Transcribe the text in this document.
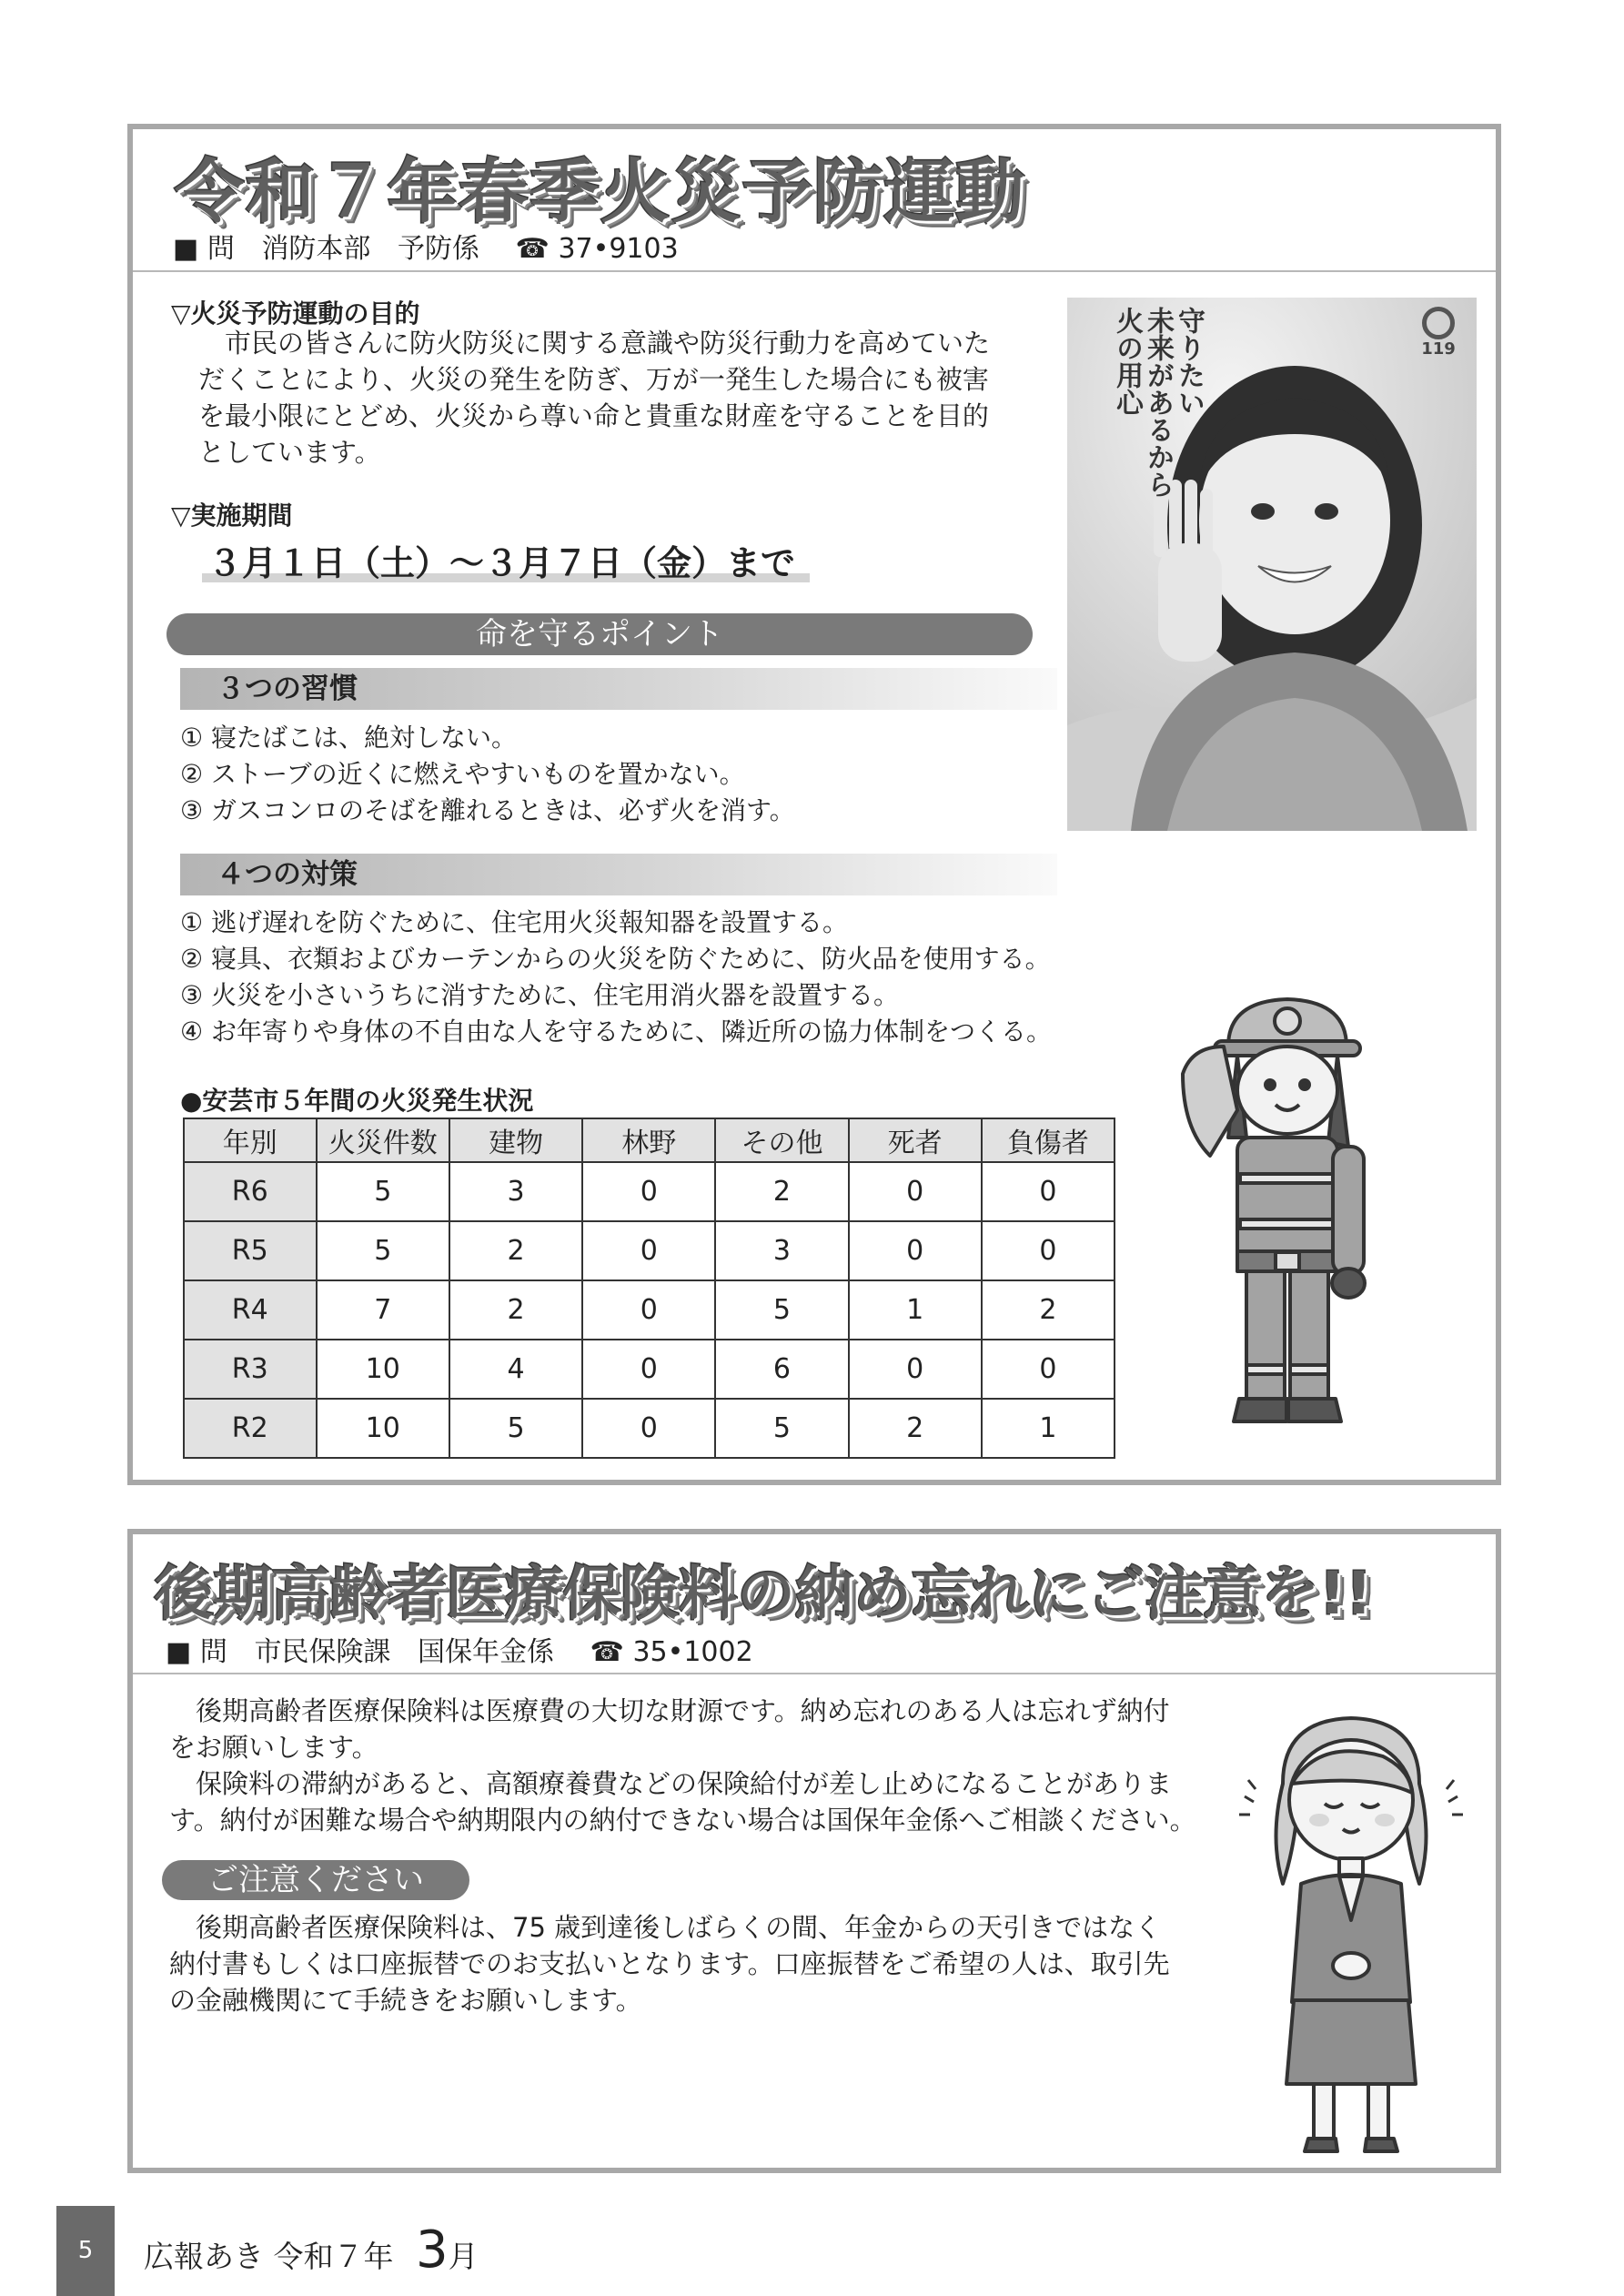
令和７年春季火災予防運動
■ 問 消防本部 予防係 ☎ 37•9103
▽火災予防運動の目的
　市民の皆さんに防火防災に関する意識や防災行動力を高めていた
だくことにより、火災の発生を防ぎ、万が一発生した場合にも被害
を最小限にとどめ、火災から尊い命と貴重な財産を守ることを目的
としています。
▽実施期間
３月１日（土）～３月７日（金）まで
命を守るポイント
３つの習慣
① 寝たばこは、絶対しない。
② ストーブの近くに燃えやすいものを置かない。
③ ガスコンロのそばを離れるときは、必ず火を消す。
４つの対策
① 逃げ遅れを防ぐために、住宅用火災報知器を設置する。
② 寝具、衣類およびカーテンからの火災を防ぐために、防火品を使用する。
③ 火災を小さいうちに消すために、住宅用消火器を設置する。
④ お年寄りや身体の不自由な人を守るために、隣近所の協力体制をつくる。
守りたい
未来があるから
火の用心	119
●安芸市５年間の火災発生状況
年別	火災件数	建物	林野	その他	死者	負傷者
R6	5	3	0	2	0	0
R5	5	2	0	3	0	0
R4	7	2	0	5	1	2
R3	10	4	0	6	0	0
R2	10	5	0	5	2	1
後期高齢者医療保険料の納め忘れにご注意を!!
■ 問 市民保険課 国保年金係 ☎ 35•1002
　後期高齢者医療保険料は医療費の大切な財源です。納め忘れのある人は忘れず納付
をお願いします。
　保険料の滞納があると、高額療養費などの保険給付が差し止めになることがありま
す。納付が困難な場合や納期限内の納付できない場合は国保年金係へご相談ください。
ご注意ください
　後期高齢者医療保険料は、75 歳到達後しばらくの間、年金からの天引きではなく
納付書もしくは口座振替でのお支払いとなります。口座振替をご希望の人は、取引先
の金融機関にて手続きをお願いします。
5	広報あき 令和７年 3月
